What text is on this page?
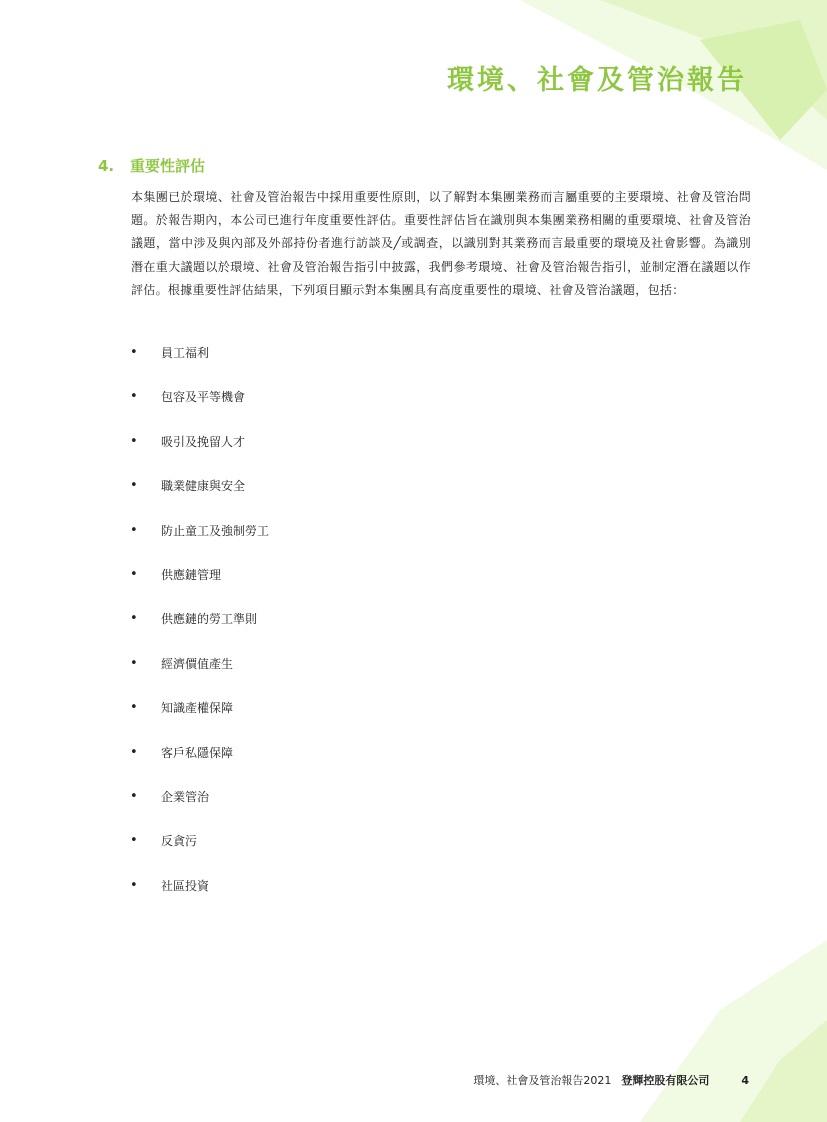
環境、社會及管治報告
4. 重要性評估

本集團已於環境、社會及管治報告中採用重要性原則，以了解對本集團業務而言屬重要的主要環境、社會及管治問題。於報告期內，本公司已進行年度重要性評估。重要性評估旨在識別與本集團業務相關的重要環境、社會及管治議題，當中涉及與內部及外部持份者進行訪談及╱或調查，以識別對其業務而言最重要的環境及社會影響。為識別潛在重大議題以於環境、社會及管治報告指引中披露，我們參考環境、社會及管治報告指引，並制定潛在議題以作評估。根據重要性評估結果，下列項目顯示對本集團具有高度重要性的環境、社會及管治議題，包括：

•	員工福利
•	包容及平等機會
•	吸引及挽留人才
•	職業健康與安全
•	防止童工及強制勞工
•	供應鏈管理
•	供應鏈的勞工準則
•	經濟價值產生
•	知識產權保障
•	客戶私隱保障
•	企業管治
•	反貪污
•	社區投資
環境、社會及管治報告2021 登輝控股有限公司	4
